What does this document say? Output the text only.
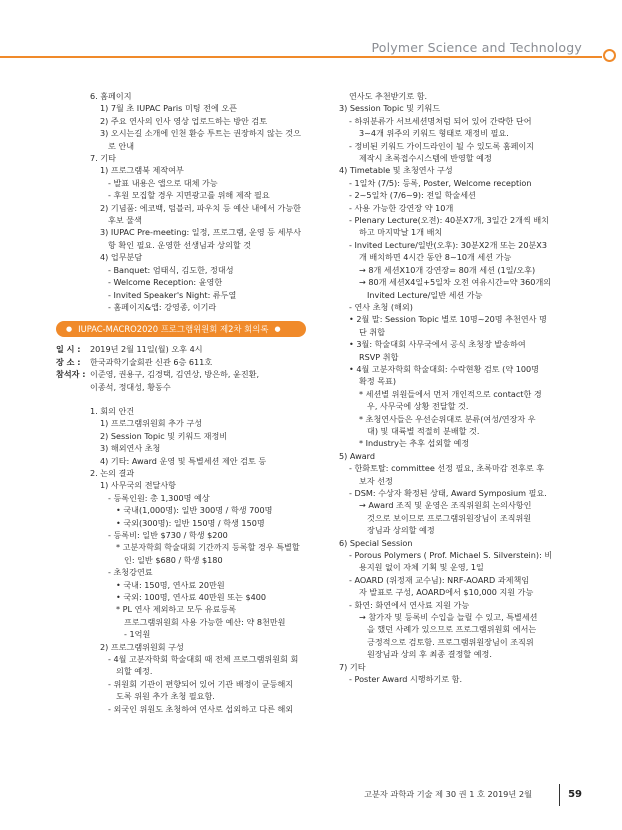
Polymer Science and Technology
6. 홈페이지
1) 7월 초 IUPAC Paris 미팅 전에 오픈
2) 주요 연사의 인사 영상 업로드하는 방안 검토
3) 오시는길 소개에 인천 환승 투트는 권장하지 않는 것으
로 안내
7. 기타
1) 프로그램북 제작여부
- 발표 내용은 앱으로 대체 가능
- 후원 모집할 경우 지면광고를 위해 제작 필요
2) 기념품: 에코백, 텀블러, 파우치 등 예산 내에서 가능한
후보 물색
3) IUPAC Pre-meeting: 일정, 프로그램, 운영 등 세부사
항 확인 필요. 운영한 선생님과 상의할 것
4) 업무분담
- Banquet: 엄태식, 김도한, 정대성
- Welcome Reception: 윤영한
- Invited Speaker's Night: 류두열
- 홈페이지&앱: 강영종, 이기라
● IUPAC-MACRO2020 프로그램위원회 제2차 회의록 ●
일 시 :	2019년 2월 11일(월) 오후 4시
장 소 :	한국과학기술회관 신관 6층 611호
참석자 : 이준영, 권용구, 김경택, 김연상, 방은하, 윤진환,
이종석, 정대성, 황동수
1. 회의 안건
1) 프로그램위원회 추가 구성
2) Session Topic 및 키워드 재정비
3) 해외연사 초청
4) 기타: Award 운영 및 특별세션 제안 검토 등
2. 논의 결과
1) 사무국의 전달사항
- 등록인원: 총 1,300명 예상
• 국내(1,000명): 일반 300명 / 학생 700명
• 국외(300명): 일반 150명 / 학생 150명
- 등록비: 일반 $730 / 학생 $200
* 고분자학회 학술대회 기간까지 등록할 경우 특별할
인: 일반 $680 / 학생 $180
- 초청강연료
• 국내: 150명, 연사료 20만원
• 국외: 100명, 연사료 40만원 또는 $400
* PL 연사 제외하고 모두 유료등록
프로그램위원회 사용 가능한 예산: 약 8천만원
- 1억원
2) 프로그램위원회 구성
- 4월 고분자학회 학술대회 때 전체 프로그램위원회 회
의할 예정.
- 위원회 기관이 편향되어 있어 기관 배정이 균등해지
도록 위원 추가 초청 필요함.
- 외국인 위원도 초청하여 연사로 섭외하고 다른 해외
연사도 추천받기로 함.
3) Session Topic 및 키워드
- 하위분류가 서브세션명처럼 되어 있어 간략한 단어
3~4개 위주의 키워드 형태로 재정비 필요.
- 정비된 키워드 가이드라인이 될 수 있도록 홈페이지
제작시 초록접수시스템에 반영할 예정
4) Timetable 및 초청연사 구성
- 1일차 (7/5): 등록, Poster, Welcome reception
- 2~5일차 (7/6~9): 전일 학술세션
- 사용 가능한 강연장 약 10개
- Plenary Lecture(오전): 40분X7개, 3일간 2개씩 배치
하고 마지막날 1개 배치
- Invited Lecture/일반(오후): 30분X2개 또는 20분X3
개 배치하면 4시간 동안 8~10개 세션 가능
→ 8개 세션X10개 강연장= 80개 세션 (1일/오후)
→ 80개 세션X4일+5일차 오전 여유시간=약 360개의
Invited Lecture/일반 세션 가능
- 연사 초청 (해외)
• 2월 말: Session Topic 별로 10명~20명 추천연사 명
단 취합
• 3월: 학술대회 사무국에서 공식 초청장 발송하여
RSVP 취합
• 4월 고분자학회 학술대회: 수락현황 검토 (약 100명
확정 목표)
* 세션별 위원들에서 먼저 개인적으로 contact한 경
우, 사무국에 상황 전달할 것.
* 초청연사들은 우선순위대로 분류(여성/연장자 우
대) 및 대륙별 적절히 분배할 것.
* Industry는 추후 섭외할 예정
5) Award
- 한화토탈: committee 선정 필요, 초록마감 전후로 후
보자 선정
- DSM: 수상자 확정된 상태, Award Symposium 필요.
→ Award 조직 및 운영은 조직위원회 논의사항인
것으로 보이므로 프로그램위원장님이 조직위원
장님과 상의할 예정
6) Special Session
- Porous Polymers ( Prof. Michael S. Silverstein): 비
용지원 없이 자체 기획 및 운영, 1일
- AOARD (위정재 교수님): NRF-AOARD 과제책임
자 발표로 구성, AOARD에서 $10,000 지원 가능
- 화연: 화연에서 연사료 지원 가능
→ 참가자 및 등록비 수입을 늘릴 수 있고, 특별세션
을 했던 사례가 있으므로 프로그램위원회 에서는
긍정적으로 검토함. 프로그램위원장님이 조직위
원장님과 상의 후 최종 결정할 예정.
7) 기타
- Poster Award 시행하기로 함.
고분자 과학과 기술 제 30 권 1 호 2019년 2월	59
